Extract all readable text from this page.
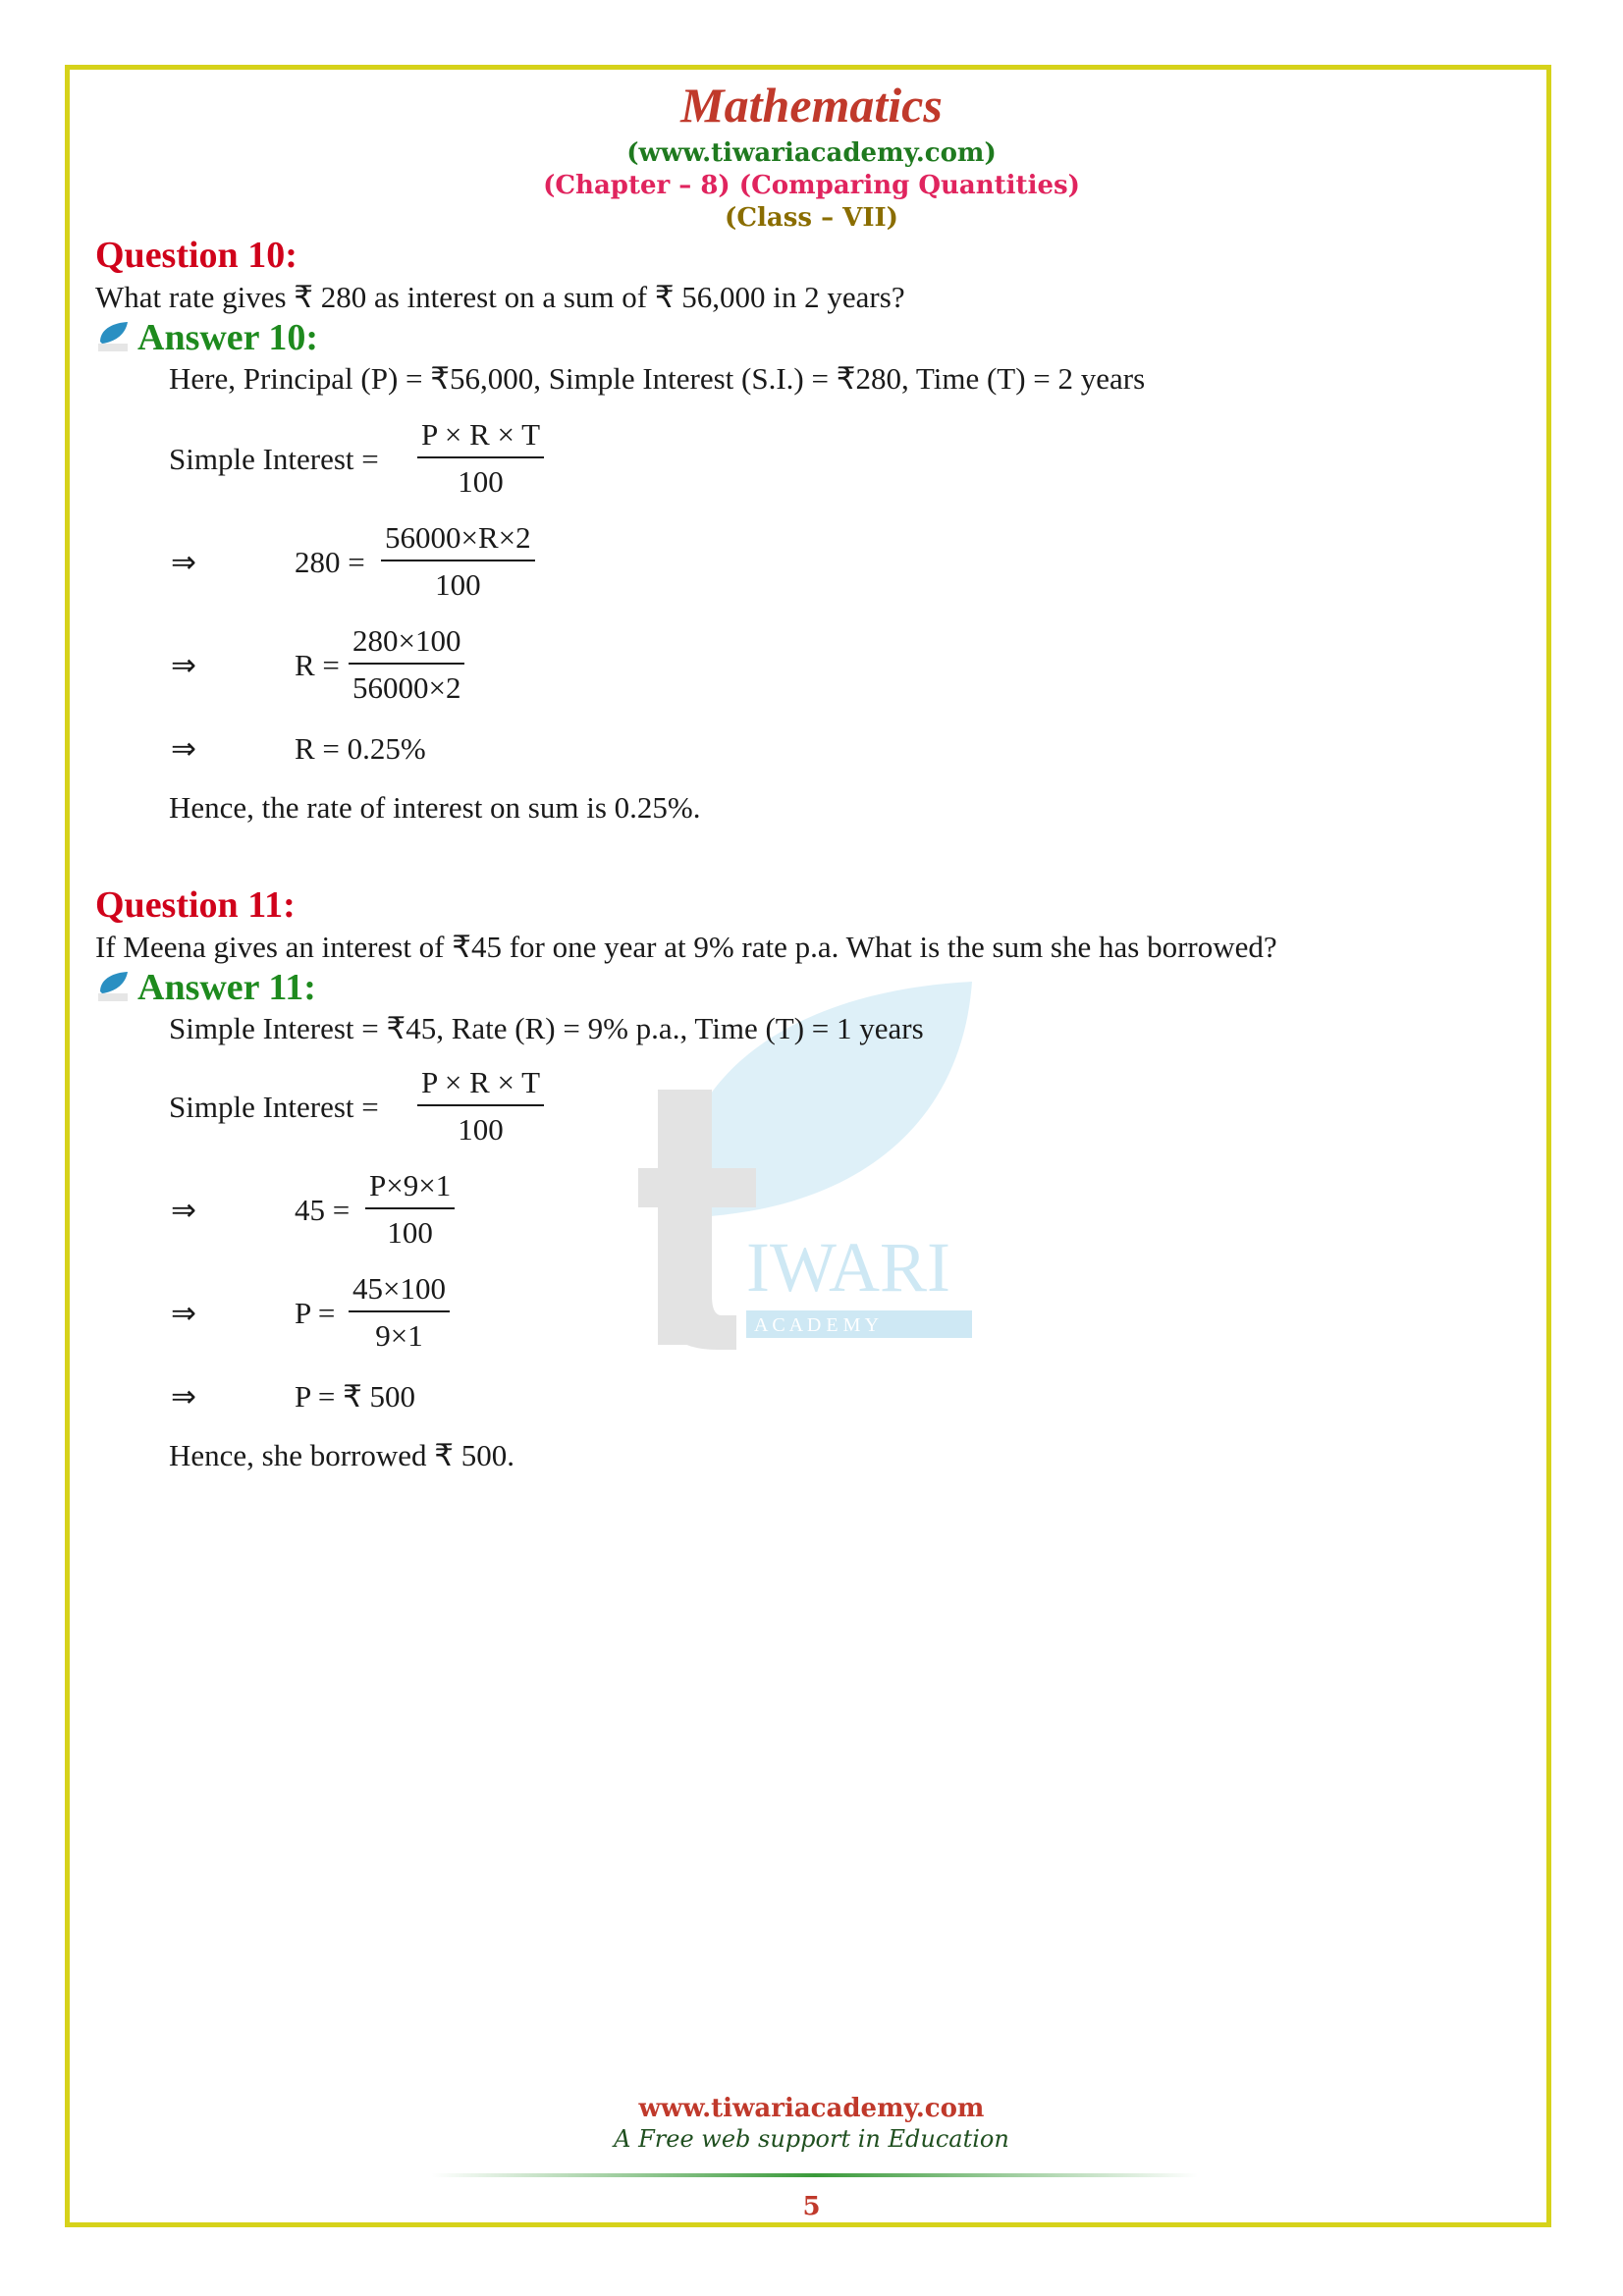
IWARI
A C A D E M Y
Mathematics
(www.tiwariacademy.com)
(Chapter – 8) (Comparing Quantities)
(Class – VII)
Question 10:
What rate gives ₹ 280 as interest on a sum of ₹ 56,000 in 2 years?
Answer 10:
Here, Principal (P) = ₹56,000, Simple Interest (S.I.) = ₹280, Time (T) = 2 years
Simple Interest = $\frac{P \times R \times T}{100}$
⇒	$280 = \frac{56000\times R\times 2}{100}$
⇒	$R = \frac{280\times 100}{56000\times 2}$
⇒	R = 0.25%
Hence, the rate of interest on sum is 0.25%.
Question 11:
If Meena gives an interest of ₹45 for one year at 9% rate p.a. What is the sum she has borrowed?
Answer 11:
Simple Interest = ₹45, Rate (R) = 9% p.a., Time (T) = 1 years
Simple Interest = $\frac{P \times R \times T}{100}$
⇒	$45 = \frac{P\times 9\times 1}{100}$
⇒	$P = \frac{45\times 100}{9\times 1}$
⇒	P = ₹ 500
Hence, she borrowed ₹ 500.
www.tiwariacademy.com
A Free web support in Education
5
